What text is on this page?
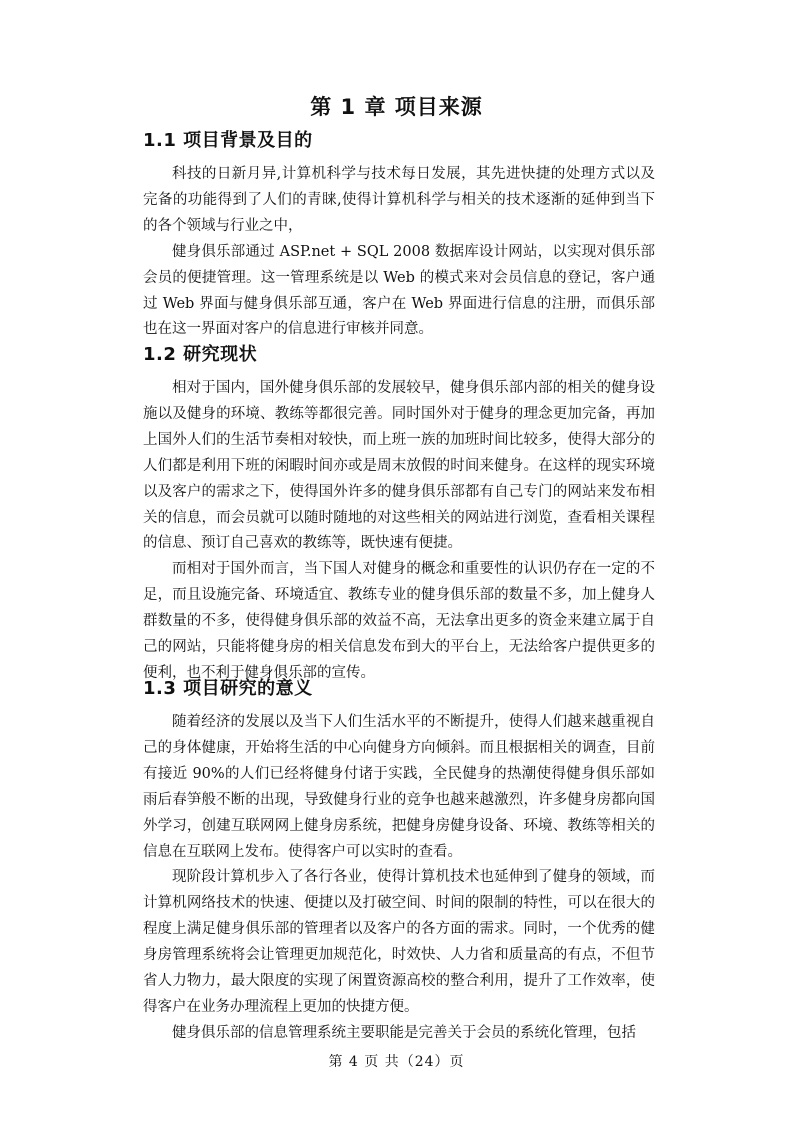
第 1 章 项目来源
1.1 项目背景及目的

科技的日新月异,计算机科学与技术每日发展，其先进快捷的处理方式以及完备的功能得到了人们的青睐,使得计算机科学与相关的技术逐渐的延伸到当下的各个领域与行业之中，

健身俱乐部通过 ASP.net + SQL 2008 数据库设计网站，以实现对俱乐部会员的便捷管理。这一管理系统是以 Web 的模式来对会员信息的登记，客户通过 Web 界面与健身俱乐部互通，客户在 Web 界面进行信息的注册，而俱乐部也在这一界面对客户的信息进行审核并同意。

1.2 研究现状

相对于国内，国外健身俱乐部的发展较早，健身俱乐部内部的相关的健身设施以及健身的环境、教练等都很完善。同时国外对于健身的理念更加完备，再加上国外人们的生活节奏相对较快，而上班一族的加班时间比较多，使得大部分的人们都是利用下班的闲暇时间亦或是周末放假的时间来健身。在这样的现实环境以及客户的需求之下，使得国外许多的健身俱乐部都有自己专门的网站来发布相关的信息，而会员就可以随时随地的对这些相关的网站进行浏览，查看相关课程的信息、预订自己喜欢的教练等，既快速有便捷。

而相对于国外而言，当下国人对健身的概念和重要性的认识仍存在一定的不足，而且设施完备、环境适宜、教练专业的健身俱乐部的数量不多，加上健身人群数量的不多，使得健身俱乐部的效益不高，无法拿出更多的资金来建立属于自己的网站，只能将健身房的相关信息发布到大的平台上，无法给客户提供更多的便利，也不利于健身俱乐部的宣传。

1.3 项目研究的意义

随着经济的发展以及当下人们生活水平的不断提升，使得人们越来越重视自己的身体健康，开始将生活的中心向健身方向倾斜。而且根据相关的调查，目前有接近 90%的人们已经将健身付诸于实践，全民健身的热潮使得健身俱乐部如雨后春笋般不断的出现，导致健身行业的竞争也越来越激烈，许多健身房都向国外学习，创建互联网网上健身房系统，把健身房健身设备、环境、教练等相关的信息在互联网上发布。使得客户可以实时的查看。

现阶段计算机步入了各行各业，使得计算机技术也延伸到了健身的领域，而计算机网络技术的快速、便捷以及打破空间、时间的限制的特性，可以在很大的程度上满足健身俱乐部的管理者以及客户的各方面的需求。同时，一个优秀的健身房管理系统将会让管理更加规范化，时效快、人力省和质量高的有点，不但节省人力物力，最大限度的实现了闲置资源高校的整合利用，提升了工作效率，使得客户在业务办理流程上更加的快捷方便。

健身俱乐部的信息管理系统主要职能是完善关于会员的系统化管理，包括

第 4 页 共（24）页
